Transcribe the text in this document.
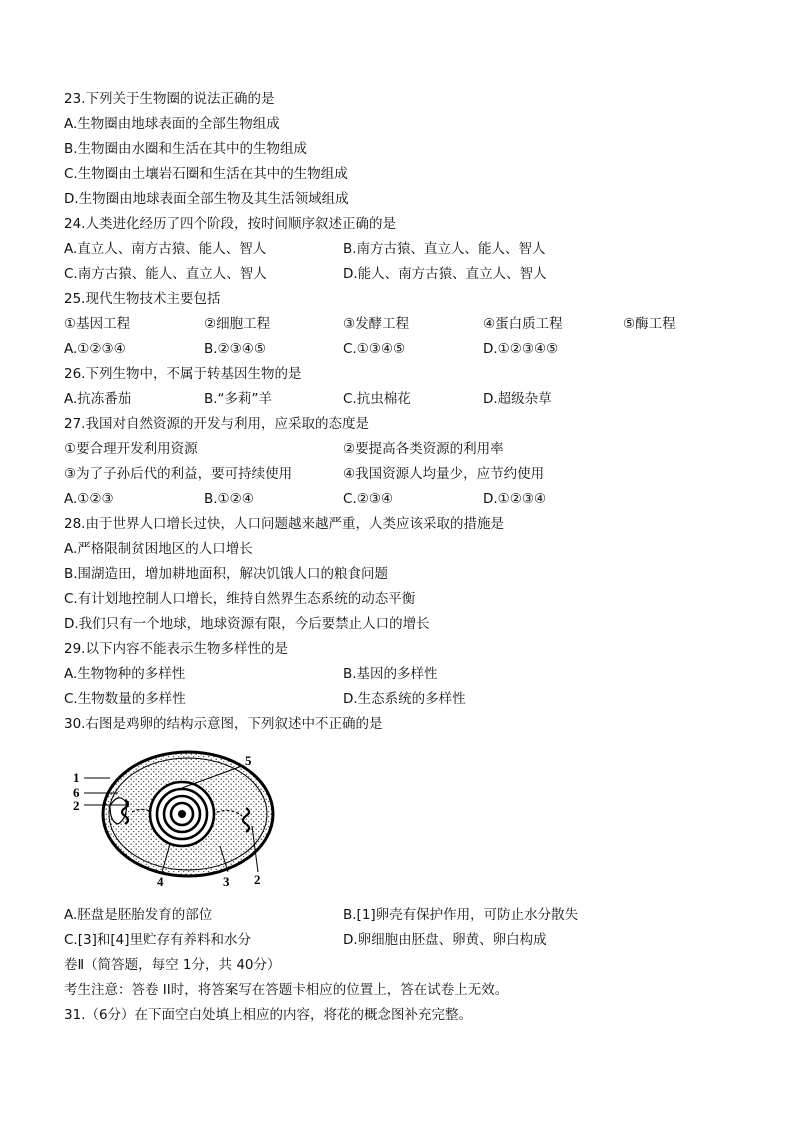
23.下列关于生物圈的说法正确的是
A.生物圈由地球表面的全部生物组成
B.生物圈由水圈和生活在其中的生物组成
C.生物圈由土壤岩石圈和生活在其中的生物组成
D.生物圈由地球表面全部生物及其生活领域组成
24.人类进化经历了四个阶段，按时间顺序叙述正确的是
A.直立人、南方古猿、能人、智人	B.南方古猿、直立人、能人、智人
C.南方古猿、能人、直立人、智人	D.能人、南方古猿、直立人、智人
25.现代生物技术主要包括
①基因工程	②细胞工程	③发酵工程	④蛋白质工程	⑤酶工程
A.①②③④	B.②③④⑤	C.①③④⑤	D.①②③④⑤
26.下列生物中，不属于转基因生物的是
A.抗冻番茄	B.“多莉”羊	C.抗虫棉花	D.超级杂草
27.我国对自然资源的开发与利用，应采取的态度是
①要合理开发利用资源	②要提高各类资源的利用率
③为了子孙后代的利益，要可持续使用	④我国资源人均量少，应节约使用
A.①②③	B.①②④	C.②③④	D.①②③④
28.由于世界人口增长过快，人口问题越来越严重，人类应该采取的措施是
A.严格限制贫困地区的人口增长
B.围湖造田，增加耕地面积，解决饥饿人口的粮食问题
C.有计划地控制人口增长，维持自然界生态系统的动态平衡
D.我们只有一个地球，地球资源有限，今后要禁止人口的增长
29.以下内容不能表示生物多样性的是
A.生物物种的多样性	B.基因的多样性
C.生物数量的多样性	D.生态系统的多样性
30.右图是鸡卵的结构示意图，下列叙述中不正确的是
1
6
2
5
4	3 2
A.胚盘是胚胎发育的部位	B.[1]卵壳有保护作用，可防止水分散失
C.[3]和[4]里贮存有养料和水分	D.卵细胞由胚盘、卵黄、卵白构成
卷Ⅱ（简答题，每空 1分，共 40分）
考生注意：答卷 II时，将答案写在答题卡相应的位置上，答在试卷上无效。
31.（6分）在下面空白处填上相应的内容，将花的概念图补充完整。
